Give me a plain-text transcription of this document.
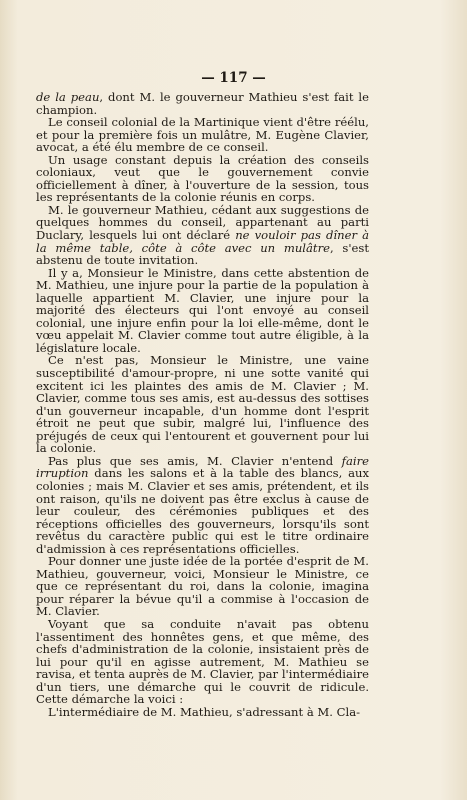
— 117 —

de la peau, dont M. le gouverneur Mathieu s'est fait le champion.

Le conseil colonial de la Martinique vient d'être réélu, et pour la première fois un mulâtre, M. Eugène Clavier, avocat, a été élu membre de ce conseil.

Un usage constant depuis la création des conseils coloniaux, veut que le gouvernement convie officiellement à dîner, à l'ouverture de la session, tous les représentants de la colonie réunis en corps.

M. le gouverneur Mathieu, cédant aux suggestions de quelques hommes du conseil, appartenant au parti Duclary, lesquels lui ont déclaré ne vouloir pas dîner à la même table, côte à côte avec un mulâtre, s'est abstenu de toute invitation.

Il y a, Monsieur le Ministre, dans cette abstention de M. Mathieu, une injure pour la partie de la population à laquelle appartient M. Clavier, une injure pour la majorité des électeurs qui l'ont envoyé au conseil colonial, une injure enfin pour la loi elle-même, dont le vœu appelait M. Clavier comme tout autre éligible, à la législature locale.

Ce n'est pas, Monsieur le Ministre, une vaine susceptibilité d'amour-propre, ni une sotte vanité qui excitent ici les plaintes des amis de M. Clavier ; M. Clavier, comme tous ses amis, est au-dessus des sottises d'un gouverneur incapable, d'un homme dont l'esprit étroit ne peut que subir, malgré lui, l'influence des préjugés de ceux qui l'entourent et gouvernent pour lui la colonie.

Pas plus que ses amis, M. Clavier n'entend faire irruption dans les salons et à la table des blancs, aux colonies ; mais M. Clavier et ses amis, prétendent, et ils ont raison, qu'ils ne doivent pas être exclus à cause de leur couleur, des cérémonies publiques et des réceptions officielles des gouverneurs, lorsqu'ils sont revêtus du caractère public qui est le titre ordinaire d'admission à ces représentations officielles.

Pour donner une juste idée de la portée d'esprit de M. Mathieu, gouverneur, voici, Monsieur le Ministre, ce que ce représentant du roi, dans la colonie, imagina pour réparer la bévue qu'il a commise à l'occasion de M. Clavier.

Voyant que sa conduite n'avait pas obtenu l'assentiment des honnêtes gens, et que même, des chefs d'administration de la colonie, insistaient près de lui pour qu'il en agisse autrement, M. Mathieu se ravisa, et tenta auprès de M. Clavier, par l'intermédiaire d'un tiers, une démarche qui le couvrit de ridicule. Cette démarche la voici :

L'intermédiaire de M. Mathieu, s'adressant à M. Cla-
